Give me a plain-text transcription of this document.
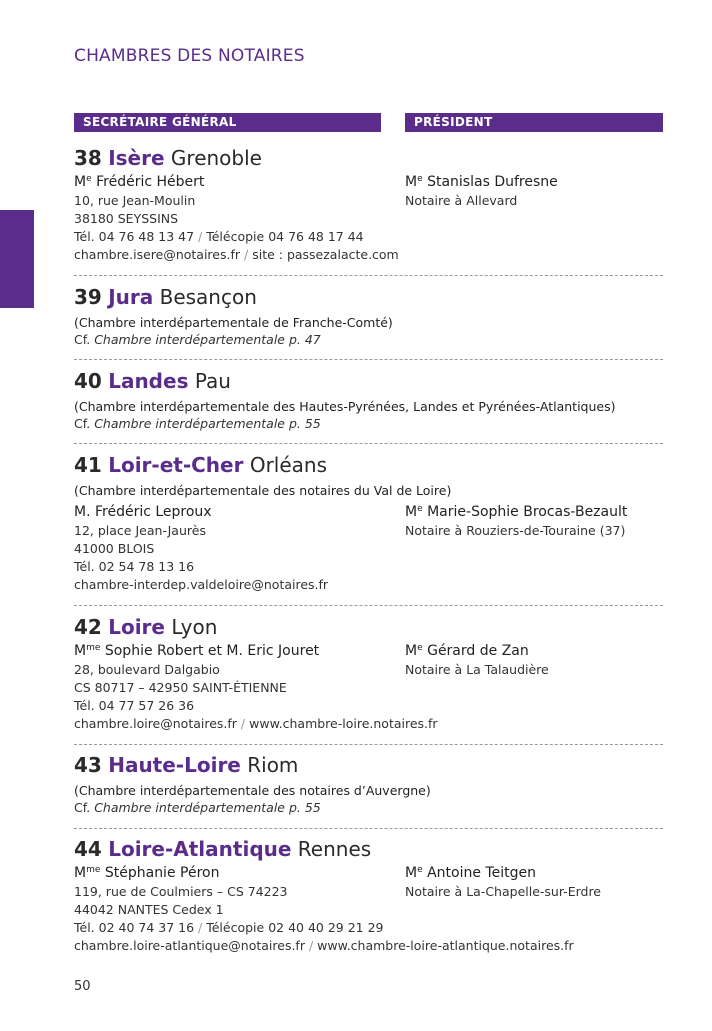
CHAMBRES DES NOTAIRES
SECRÉTAIRE GÉNÉRAL	PRÉSIDENT
38 Isère Grenoble
Me Frédéric Hébert
10, rue Jean-Moulin
38180 SEYSSINS
Tél. 04 76 48 13 47 / Télécopie 04 76 48 17 44
chambre.isere@notaires.fr / site : passezalacte.com
Me Stanislas Dufresne
Notaire à Allevard
39 Jura Besançon
(Chambre interdépartementale de Franche-Comté)
Cf. Chambre interdépartementale p. 47
40 Landes Pau
(Chambre interdépartementale des Hautes-Pyrénées, Landes et Pyrénées-Atlantiques)
Cf. Chambre interdépartementale p. 55
41 Loir-et-Cher Orléans
(Chambre interdépartementale des notaires du Val de Loire)
M. Frédéric Leproux
12, place Jean-Jaurès
41000 BLOIS
Tél. 02 54 78 13 16
chambre-interdep.valdeloire@notaires.fr
Me Marie-Sophie Brocas-Bezault
Notaire à Rouziers-de-Touraine (37)
42 Loire Lyon
$M^{me}$ Sophie Robert et M. Eric Jouret
28, boulevard Dalgabio
CS 80717 – 42950 SAINT-ÉTIENNE
Tél. 04 77 57 26 36
chambre.loire@notaires.fr / www.chambre-loire.notaires.fr
Me Gérard de Zan
Notaire à La Talaudière
43 Haute-Loire Riom
(Chambre interdépartementale des notaires d’Auvergne)
Cf. Chambre interdépartementale p. 55
44 Loire-Atlantique Rennes
$M^{me}$ Stéphanie Péron
119, rue de Coulmiers – CS 74223
44042 NANTES Cedex 1
Tél. 02 40 74 37 16 / Télécopie 02 40 40 29 21 29
chambre.loire-atlantique@notaires.fr / www.chambre-loire-atlantique.notaires.fr
Me Antoine Teitgen
Notaire à La-Chapelle-sur-Erdre
50
